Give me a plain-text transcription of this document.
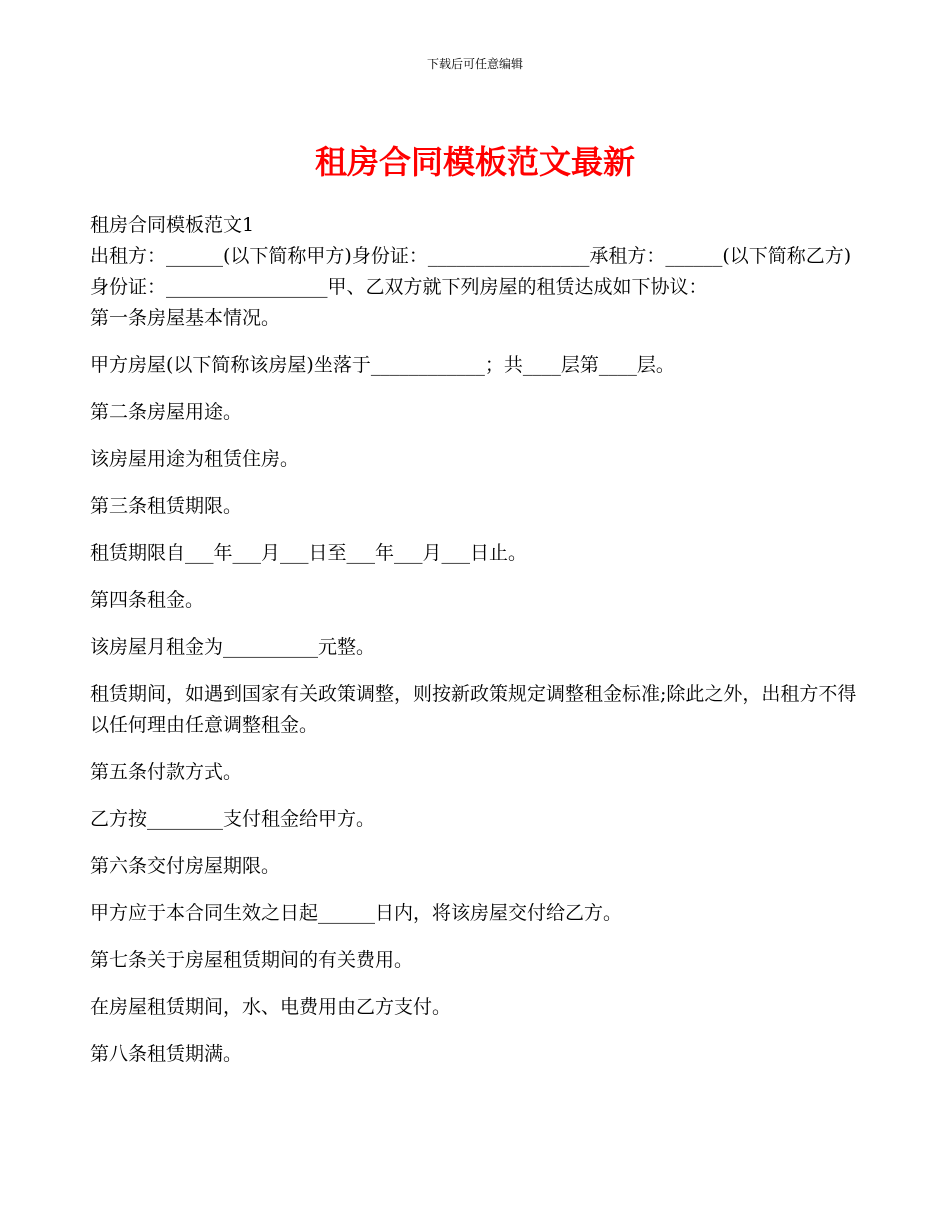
下载后可任意编辑
租房合同模板范文最新

租房合同模板范文1

出租方：______(以下简称甲方)身份证：_________________承租方：______(以下简称乙方)身份证：_________________甲、乙双方就下列房屋的租赁达成如下协议：

第一条房屋基本情况。

甲方房屋(以下简称该房屋)坐落于____________；共____层第____层。

第二条房屋用途。

该房屋用途为租赁住房。

第三条租赁期限。

租赁期限自___年___月___日至___年___月___日止。

第四条租金。

该房屋月租金为__________元整。

租赁期间，如遇到国家有关政策调整，则按新政策规定调整租金标准;除此之外，出租方不得以任何理由任意调整租金。

第五条付款方式。

乙方按________支付租金给甲方。

第六条交付房屋期限。

甲方应于本合同生效之日起______日内，将该房屋交付给乙方。

第七条关于房屋租赁期间的有关费用。

在房屋租赁期间，水、电费用由乙方支付。

第八条租赁期满。
